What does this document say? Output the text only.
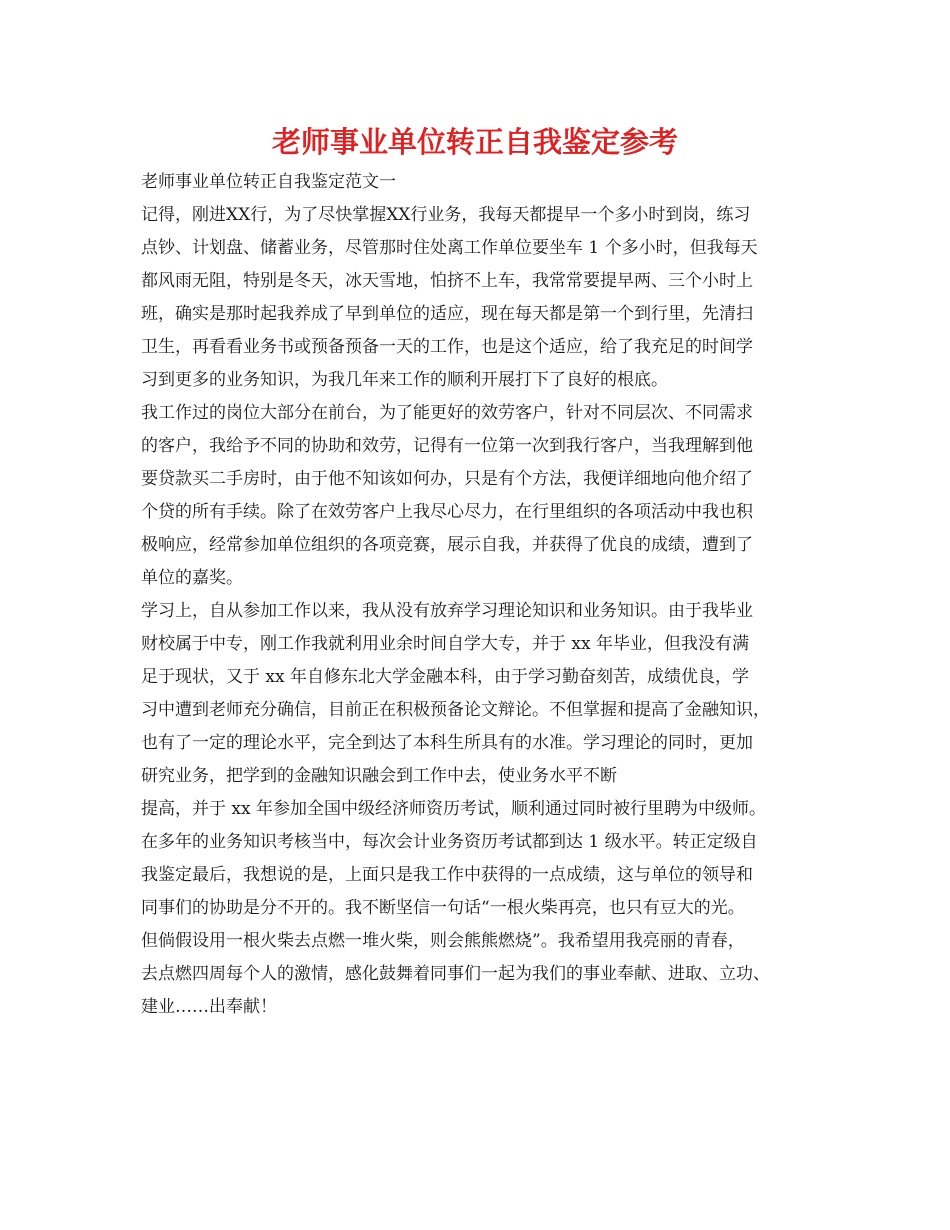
老师事业单位转正自我鉴定参考
老师事业单位转正自我鉴定范文一
记得，刚进XX行，为了尽快掌握XX行业务，我每天都提早一个多小时到岗，练习
点钞、计划盘、储蓄业务，尽管那时住处离工作单位要坐车 1 个多小时，但我每天
都风雨无阻，特别是冬天，冰天雪地，怕挤不上车，我常常要提早两、三个小时上
班，确实是那时起我养成了早到单位的适应，现在每天都是第一个到行里，先清扫
卫生，再看看业务书或预备预备一天的工作，也是这个适应，给了我充足的时间学
习到更多的业务知识，为我几年来工作的顺利开展打下了良好的根底。
我工作过的岗位大部分在前台，为了能更好的效劳客户，针对不同层次、不同需求
的客户，我给予不同的协助和效劳，记得有一位第一次到我行客户，当我理解到他
要贷款买二手房时，由于他不知该如何办，只是有个方法，我便详细地向他介绍了
个贷的所有手续。除了在效劳客户上我尽心尽力，在行里组织的各项活动中我也积
极响应，经常参加单位组织的各项竞赛，展示自我，并获得了优良的成绩，遭到了
单位的嘉奖。
学习上，自从参加工作以来，我从没有放弃学习理论知识和业务知识。由于我毕业
财校属于中专，刚工作我就利用业余时间自学大专，并于 xx 年毕业，但我没有满
足于现状，又于 xx 年自修东北大学金融本科，由于学习勤奋刻苦，成绩优良，学
习中遭到老师充分确信，目前正在积极预备论文辩论。不但掌握和提高了金融知识，
也有了一定的理论水平，完全到达了本科生所具有的水准。学习理论的同时，更加
研究业务，把学到的金融知识融会到工作中去，使业务水平不断
提高，并于 xx 年参加全国中级经济师资历考试，顺利通过同时被行里聘为中级师。
在多年的业务知识考核当中，每次会计业务资历考试都到达 1 级水平。转正定级自
我鉴定最后，我想说的是，上面只是我工作中获得的一点成绩，这与单位的领导和
同事们的协助是分不开的。我不断坚信一句话“一根火柴再亮，也只有豆大的光。
但倘假设用一根火柴去点燃一堆火柴，则会熊熊燃烧”。我希望用我亮丽的青春，
去点燃四周每个人的激情，感化鼓舞着同事们一起为我们的事业奉献、进取、立功、
建业……出奉献！
